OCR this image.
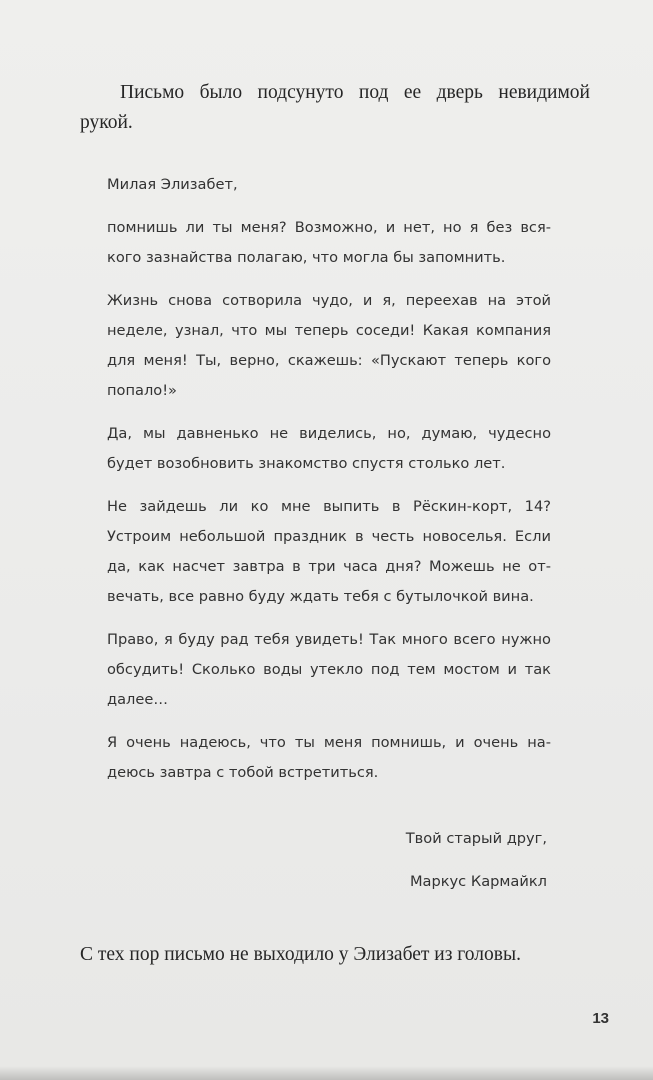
Письмо было подсунуто под ее дверь невидимой
рукой.

Милая Элизабет,

помнишь ли ты меня? Возможно, и нет, но я без вся-
кого зазнайства полагаю, что могла бы запомнить.

Жизнь снова сотворила чудо, и я, переехав на этой
неделе, узнал, что мы теперь соседи! Какая компания
для меня! Ты, верно, скажешь: «Пускают теперь кого
попало!»

Да, мы давненько не виделись, но, думаю, чудесно
будет возобновить знакомство спустя столько лет.

Не зайдешь ли ко мне выпить в Рёскин-корт, 14?
Устроим небольшой праздник в честь новоселья. Если
да, как насчет завтра в три часа дня? Можешь не от-
вечать, все равно буду ждать тебя с бутылочкой вина.

Право, я буду рад тебя увидеть! Так много всего нужно
обсудить! Сколько воды утекло под тем мостом и так
далее…

Я очень надеюсь, что ты меня помнишь, и очень на-
деюсь завтра с тобой встретиться.

Твой старый друг,
Маркус Кармайкл
С тех пор письмо не выходило у Элизабет из головы.
13
